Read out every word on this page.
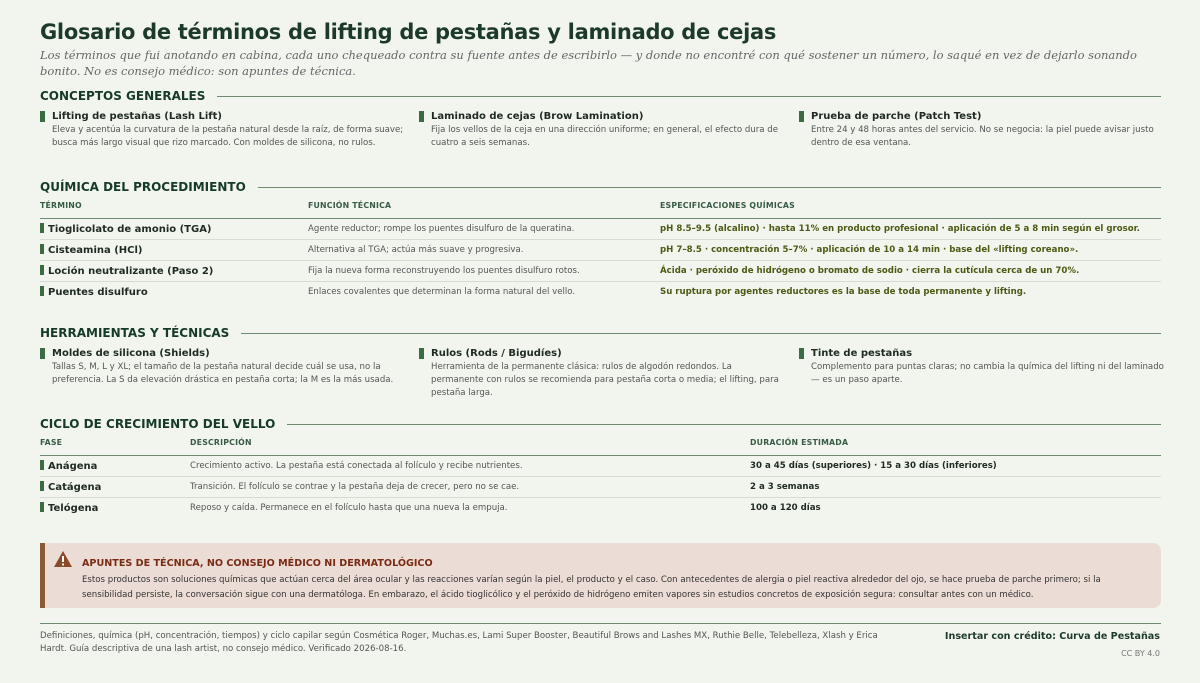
Glosario de términos de lifting de pestañas y laminado de cejas
Los términos que fui anotando en cabina, cada uno chequeado contra su fuente antes de escribirlo — y donde no encontré con qué sostener un número, lo saqué en vez de dejarlo sonando bonito. No es consejo médico: son apuntes de técnica.
CONCEPTOS GENERALES
Lifting de pestañas (Lash Lift)
Eleva y acentúa la curvatura de la pestaña natural desde la raíz, de forma suave; busca más largo visual que rizo marcado. Con moldes de silicona, no rulos.
Laminado de cejas (Brow Lamination)
Fija los vellos de la ceja en una dirección uniforme; en general, el efecto dura de cuatro a seis semanas.
Prueba de parche (Patch Test)
Entre 24 y 48 horas antes del servicio. No se negocia: la piel puede avisar justo dentro de esa ventana.
QUÍMICA DEL PROCEDIMIENTO
TÉRMINO	FUNCIÓN TÉCNICA	ESPECIFICACIONES QUÍMICAS
Tioglicolato de amonio (TGA)	Agente reductor; rompe los puentes disulfuro de la queratina.	pH 8.5–9.5 (alcalino) · hasta 11% en producto profesional · aplicación de 5 a 8 min según el grosor.
Cisteamina (HCl)	Alternativa al TGA; actúa más suave y progresiva.	pH 7–8.5 · concentración 5–7% · aplicación de 10 a 14 min · base del «lifting coreano».
Loción neutralizante (Paso 2)	Fija la nueva forma reconstruyendo los puentes disulfuro rotos.	Ácida · peróxido de hidrógeno o bromato de sodio · cierra la cutícula cerca de un 70%.
Puentes disulfuro	Enlaces covalentes que determinan la forma natural del vello.	Su ruptura por agentes reductores es la base de toda permanente y lifting.
HERRAMIENTAS Y TÉCNICAS
Moldes de silicona (Shields)
Tallas S, M, L y XL; el tamaño de la pestaña natural decide cuál se usa, no la preferencia. La S da elevación drástica en pestaña corta; la M es la más usada.
Rulos (Rods / Bigudíes)
Herramienta de la permanente clásica: rulos de algodón redondos. La permanente con rulos se recomienda para pestaña corta o media; el lifting, para pestaña larga.
Tinte de pestañas
Complemento para puntas claras; no cambia la química del lifting ni del laminado — es un paso aparte.
CICLO DE CRECIMIENTO DEL VELLO
FASE	DESCRIPCIÓN	DURACIÓN ESTIMADA
Anágena	Crecimiento activo. La pestaña está conectada al folículo y recibe nutrientes.	30 a 45 días (superiores) · 15 a 30 días (inferiores)
Catágena	Transición. El folículo se contrae y la pestaña deja de crecer, pero no se cae.	2 a 3 semanas
Telógena	Reposo y caída. Permanece en el folículo hasta que una nueva la empuja.	100 a 120 días
APUNTES DE TÉCNICA, NO CONSEJO MÉDICO NI DERMATOLÓGICO
Estos productos son soluciones químicas que actúan cerca del área ocular y las reacciones varían según la piel, el producto y el caso. Con antecedentes de alergia o piel reactiva alrededor del ojo, se hace prueba de parche primero; si la sensibilidad persiste, la conversación sigue con una dermatóloga. En embarazo, el ácido tioglicólico y el peróxido de hidrógeno emiten vapores sin estudios concretos de exposición segura: consultar antes con un médico.
Definiciones, química (pH, concentración, tiempos) y ciclo capilar según Cosmética Roger, Muchas.es, Lami Super Booster, Beautiful Brows and Lashes MX, Ruthie Belle, Telebelleza, Xlash y Erica Hardt. Guía descriptiva de una lash artist, no consejo médico. Verificado 2026-08-16.
Insertar con crédito: Curva de Pestañas
CC BY 4.0
